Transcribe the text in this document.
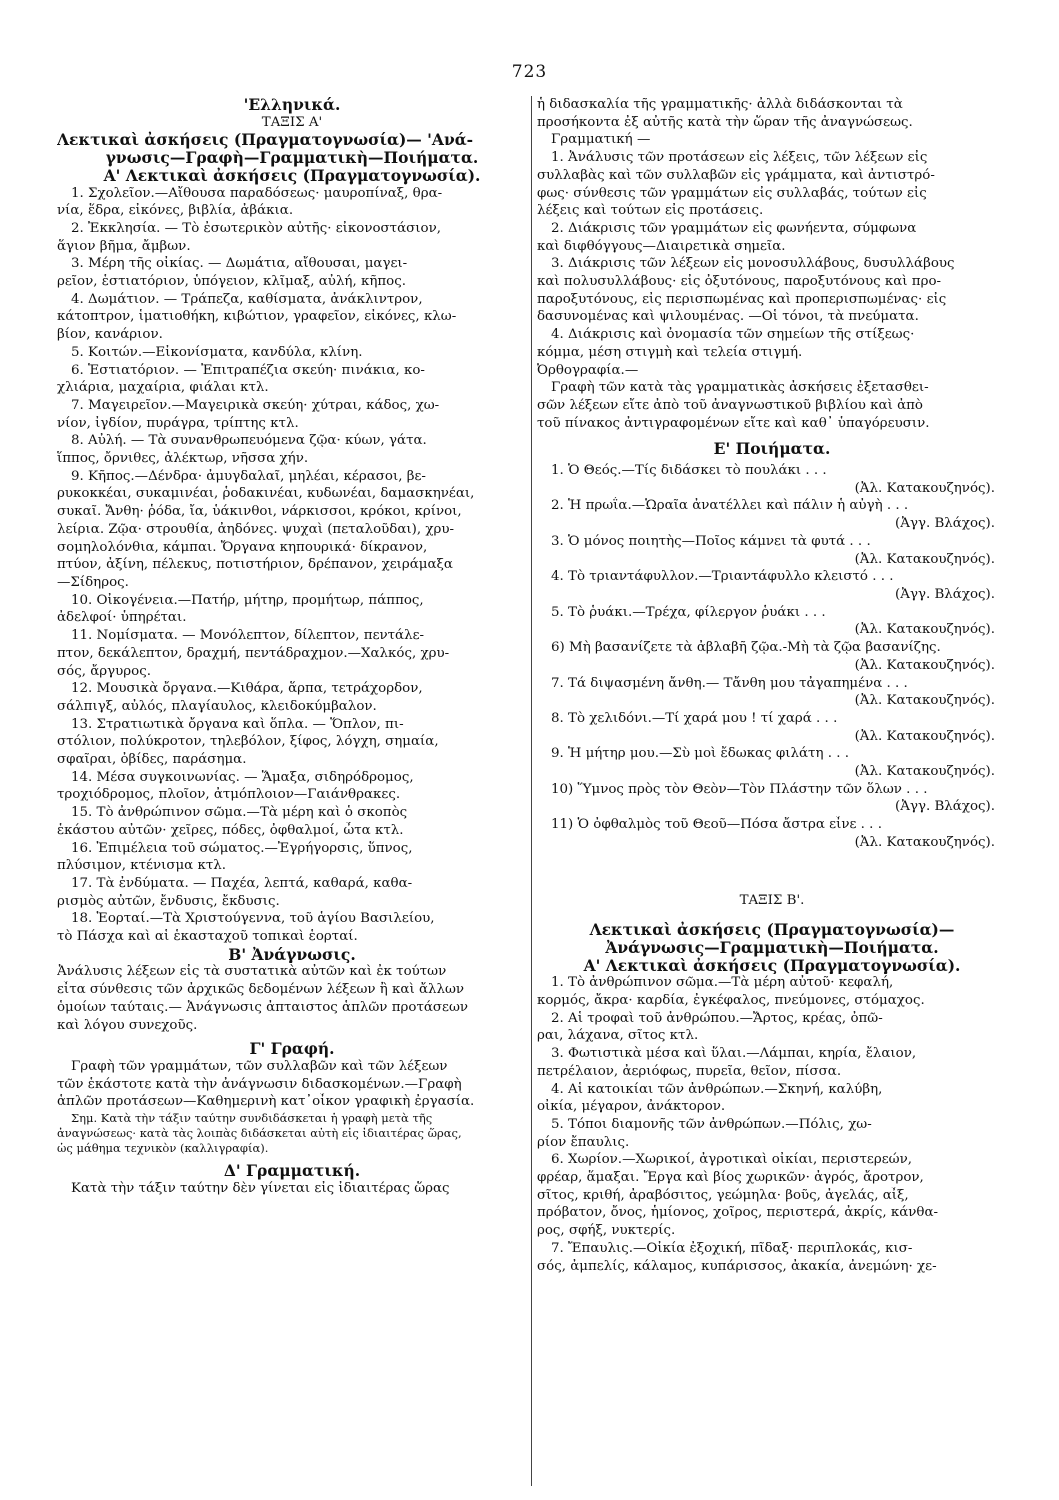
723
'Ελληνικά.
ΤΑΞΙΣ Α'
Λεκτικαὶ ἀσκήσεις (Πραγματογνωσία)— 'Ανά-
γνωσις—Γραφὴ—Γραμματικὴ—Ποιήματα.
Α' Λεκτικαὶ ἀσκήσεις (Πραγματογνωσία).
1. Σχολεῖον.—Αἴθουσα παραδόσεως· μαυροπίναξ, θρα-
νία, ἕδρα, εἰκόνες, βιβλία, ἀβάκια.
2. Ἐκκλησία. — Τὸ ἐσωτερικὸν αὐτῆς· εἰκονοστάσιον,
ἅγιον βῆμα, ἄμβων.
3. Μέρη τῆς οἰκίας. — Δωμάτια, αἴθουσαι, μαγει-
ρεῖον, ἑστιατόριον, ὑπόγειον, κλῖμαξ, αὐλή, κῆπος.
4. Δωμάτιον. — Τράπεζα, καθίσματα, ἀνάκλιντρον,
κάτοπτρον, ἱματιοθήκη, κιβώτιον, γραφεῖον, εἰκόνες, κλω-
βίον, κανάριον.
5. Κοιτών.—Εἰκονίσματα, κανδύλα, κλίνη.
6. Ἑστιατόριον. — Ἐπιτραπέζια σκεύη· πινάκια, κο-
χλιάρια, μαχαίρια, φιάλαι κτλ.
7. Μαγειρεῖον.—Μαγειρικὰ σκεύη· χύτραι, κάδος, χω-
νίον, ἰγδίον, πυράγρα, τρίπτης κτλ.
8. Αὐλή. — Τὰ συνανθρωπευόμενα ζῷα· κύων, γάτα.
ἵππος, ὄρνιθες, ἀλέκτωρ, νῆσσα χήν.
9. Κῆπος.—Δένδρα· ἀμυγδαλαῖ, μηλέαι, κέρασοι, βε-
ρυκοκκέαι, συκαμινέαι, ῥοδακινέαι, κυδωνέαι, δαμασκηνέαι,
συκαῖ. Ἄνθη· ῥόδα, ἴα, ὑάκινθοι, νάρκισσοι, κρόκοι, κρίνοι,
λείρια. Ζῷα· στρουθία, ἀηδόνες. ψυχαὶ (πεταλοῦδαι), χρυ-
σομηλολόνθια, κάμπαι. Ὄργανα κηπουρικά· δίκρανον,
πτύον, ἀξίνη, πέλεκυς, ποτιστήριον, δρέπανον, χειράμαξα
—Σίδηρος.
10. Οἰκογένεια.—Πατήρ, μήτηρ, προμήτωρ, πάππος,
ἀδελφοί· ὑπηρέται.
11. Νομίσματα. — Μονόλεπτον, δίλεπτον, πεντάλε-
πτον, δεκάλεπτον, δραχμή, πεντάδραχμον.—Χαλκός, χρυ-
σός, ἄργυρος.
12. Μουσικὰ ὄργανα.—Κιθάρα, ἅρπα, τετράχορδον,
σάλπιγξ, αὐλός, πλαγίαυλος, κλειδοκύμβαλον.
13. Στρατιωτικὰ ὄργανα καὶ ὅπλα. — Ὅπλον, πι-
στόλιον, πολύκροτον, τηλεβόλον, ξίφος, λόγχη, σημαία,
σφαῖραι, ὀβίδες, παράσημα.
14. Μέσα συγκοινωνίας. — Ἅμαξα, σιδηρόδρομος,
τροχιόδρομος, πλοῖον, ἀτμόπλοιον—Γαιάνθρακες.
15. Τὸ ἀνθρώπινον σῶμα.—Τὰ μέρη καὶ ὁ σκοπὸς
ἑκάστου αὐτῶν· χεῖρες, πόδες, ὀφθαλμοί, ὦτα κτλ.
16. Ἐπιμέλεια τοῦ σώματος.—Ἐγρήγορσις, ὕπνος,
πλύσιμον, κτένισμα κτλ.
17. Τὰ ἐνδύματα. — Παχέα, λεπτά, καθαρά, καθα-
ρισμὸς αὐτῶν, ἔνδυσις, ἔκδυσις.
18. Ἑορταί.—Τὰ Χριστούγεννα, τοῦ ἁγίου Βασιλείου,
τὸ Πάσχα καὶ αἱ ἑκασταχοῦ τοπικαὶ ἑορταί.
Β' Ἀνάγνωσις.
Ἀνάλυσις λέξεων εἰς τὰ συστατικὰ αὐτῶν καὶ ἐκ τούτων
εἶτα σύνθεσις τῶν ἀρχικῶς δεδομένων λέξεων ἢ καὶ ἄλλων
ὁμοίων ταύταις.— Ἀνάγνωσις ἀπταιστος ἁπλῶν προτάσεων
καὶ λόγου συνεχοῦς.
Γ' Γραφή.
Γραφὴ τῶν γραμμάτων, τῶν συλλαβῶν καὶ τῶν λέξεων
τῶν ἑκάστοτε κατὰ τὴν ἀνάγνωσιν διδασκομένων.—Γραφὴ
ἁπλῶν προτάσεων—Καθημερινὴ κατ᾽οἶκον γραφικὴ ἐργασία.
Σημ. Κατὰ τὴν τάξιν ταύτην συνδιδάσκεται ἡ γραφὴ μετὰ τῆς
ἀναγνώσεως· κατὰ τὰς λοιπὰς διδάσκεται αὐτὴ εἰς ἰδιαιτέρας ὥρας,
ὡς μάθημα τεχνικὸν (καλλιγραφία).
Δ' Γραμματική.
Κατὰ τὴν τάξιν ταύτην δὲν γίνεται εἰς ἰδιαιτέρας ὥρας
ἡ διδασκαλία τῆς γραμματικῆς· ἀλλὰ διδάσκονται τὰ
προσήκοντα ἐξ αὐτῆς κατὰ τὴν ὥραν τῆς ἀναγνώσεως.
Γραμματική —
1. Ἀνάλυσις τῶν προτάσεων εἰς λέξεις, τῶν λέξεων εἰς
συλλαβὰς καὶ τῶν συλλαβῶν εἰς γράμματα, καὶ ἀντιστρό-
φως· σύνθεσις τῶν γραμμάτων εἰς συλλαβάς, τούτων εἰς
λέξεις καὶ τούτων εἰς προτάσεις.
2. Διάκρισις τῶν γραμμάτων εἰς φωνήεντα, σύμφωνα
καὶ διφθόγγους—Διαιρετικὰ σημεῖα.
3. Διάκρισις τῶν λέξεων εἰς μονοσυλλάβους, δυσυλλάβους
καὶ πολυσυλλάβους· εἰς ὀξυτόνους, παροξυτόνους καὶ προ-
παροξυτόνους, εἰς περισπωμένας καὶ προπερισπωμένας· εἰς
δασυνομένας καὶ ψιλουμένας. —Οἱ τόνοι, τὰ πνεύματα.
4. Διάκρισις καὶ ὀνομασία τῶν σημείων τῆς στίξεως·
κόμμα, μέση στιγμὴ καὶ τελεία στιγμή.
Ὀρθογραφία.—
Γραφὴ τῶν κατὰ τὰς γραμματικὰς ἀσκήσεις ἐξετασθει-
σῶν λέξεων εἴτε ἀπὸ τοῦ ἀναγνωστικοῦ βιβλίου καὶ ἀπὸ
τοῦ πίνακος ἀντιγραφομένων εἴτε καὶ καθ᾽ ὑπαγόρευσιν.
Ε' Ποιήματα.
1. Ὁ Θεός.—Τίς διδάσκει τὸ πουλάκι . . .
(Ἀλ. Κατακουζηνός).
2. Ἡ πρωΐα.—Ὡραῖα ἀνατέλλει καὶ πάλιν ἡ αὐγὴ . . .
(Ἀγγ. Βλάχος).
3. Ὁ μόνος ποιητὴς—Ποῖος κάμνει τὰ φυτά . . .
(Ἀλ. Κατακουζηνός).
4. Τὸ τριαντάφυλλον.—Τριαντάφυλλο κλειστό . . .
(Ἀγγ. Βλάχος).
5. Τὸ ῥυάκι.—Τρέχα, φίλεργον ῥυάκι . . .
(Ἀλ. Κατακουζηνός).
6) Μὴ βασανίζετε τὰ ἀβλαβῆ ζῷα.-Μὴ τὰ ζῷα βασανίζης.
(Ἀλ. Κατακουζηνός).
7. Τά διψασμένη ἄνθη.— Τἄνθη μου τἀγαπημένα . . .
(Ἀλ. Κατακουζηνός).
8. Τὸ χελιδόνι.—Τί χαρά μου ! τί χαρά . . .
(Ἀλ. Κατακουζηνός).
9. Ἡ μήτηρ μου.—Σὺ μοὶ ἔδωκας φιλάτη . . .
(Ἀλ. Κατακουζηνός).
10) Ὕμνος πρὸς τὸν Θεὸν—Τὸν Πλάστην τῶν ὅλων . . .
(Ἀγγ. Βλάχος).
11) Ὁ ὀφθαλμὸς τοῦ Θεοῦ—Πόσα ἄστρα εἶνε . . .
(Ἀλ. Κατακουζηνός).
ΤΑΞΙΣ Β'.
Λεκτικαὶ ἀσκήσεις (Πραγματογνωσία)—
Ἀνάγνωσις—Γραμματικὴ—Ποιήματα.
Α' Λεκτικαὶ ἀσκήσεις (Πραγματογνωσία).
1. Τὸ ἀνθρώπινον σῶμα.—Τὰ μέρη αὐτοῦ· κεφαλή,
κορμός, ἄκρα· καρδία, ἐγκέφαλος, πνεύμονες, στόμαχος.
2. Αἱ τροφαὶ τοῦ ἀνθρώπου.—Ἄρτος, κρέας, ὀπῶ-
ραι, λάχανα, σῖτος κτλ.
3. Φωτιστικὰ μέσα καὶ ὕλαι.—Λάμπαι, κηρία, ἔλαιον,
πετρέλαιον, ἀεριόφως, πυρεῖα, θεῖον, πίσσα.
4. Αἱ κατοικίαι τῶν ἀνθρώπων.—Σκηνή, καλύβη,
οἰκία, μέγαρον, ἀνάκτορον.
5. Τόποι διαμονῆς τῶν ἀνθρώπων.—Πόλις, χω-
ρίον ἔπαυλις.
6. Χωρίον.—Χωρικοί, ἀγροτικαὶ οἰκίαι, περιστερεών,
φρέαρ, ἅμαξαι. Ἔργα καὶ βίος χωρικῶν· ἀγρός, ἄροτρον,
σῖτος, κριθή, ἀραβόσιτος, γεώμηλα· βοῦς, ἀγελάς, αἶξ,
πρόβατον, ὄνος, ἡμίονος, χοῖρος, περιστερά, ἀκρίς, κάνθα-
ρος, σφήξ, νυκτερίς.
7. Ἔπαυλις.—Οἰκία ἐξοχική, πῖδαξ· περιπλοκάς, κισ-
σός, ἀμπελίς, κάλαμος, κυπάρισσος, ἀκακία, ἀνεμώνη· χε-
